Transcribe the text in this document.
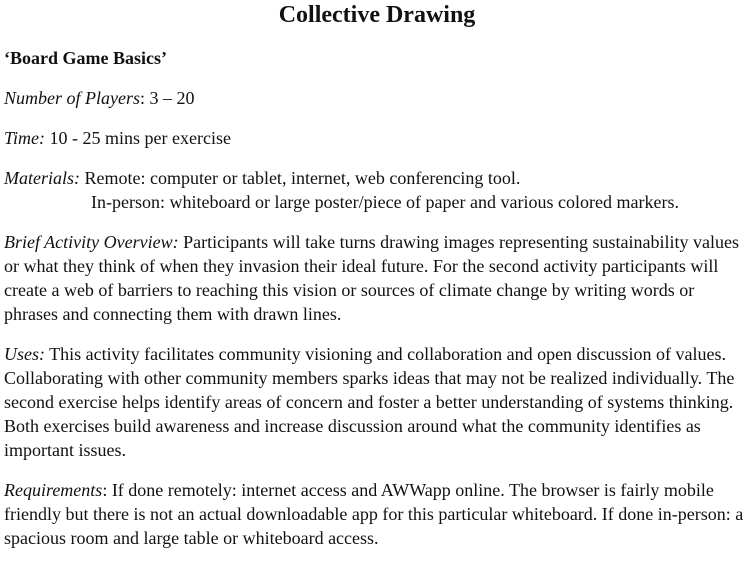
Collective Drawing

‘Board Game Basics’

Number of Players: 3 – 20

Time: 10 - 25 mins per exercise

Materials: Remote: computer or tablet, internet, web conferencing tool.
In-person: whiteboard or large poster/piece of paper and various colored markers.

Brief Activity Overview: Participants will take turns drawing images representing sustainability values or what they think of when they invasion their ideal future. For the second activity participants will create a web of barriers to reaching this vision or sources of climate change by writing words or phrases and connecting them with drawn lines.

Uses: This activity facilitates community visioning and collaboration and open discussion of values. Collaborating with other community members sparks ideas that may not be realized individually. The second exercise helps identify areas of concern and foster a better understanding of systems thinking. Both exercises build awareness and increase discussion around what the community identifies as important issues.

Requirements: If done remotely: internet access and AWWapp online. The browser is fairly mobile friendly but there is not an actual downloadable app for this particular whiteboard. If done in-person: a spacious room and large table or whiteboard access.
